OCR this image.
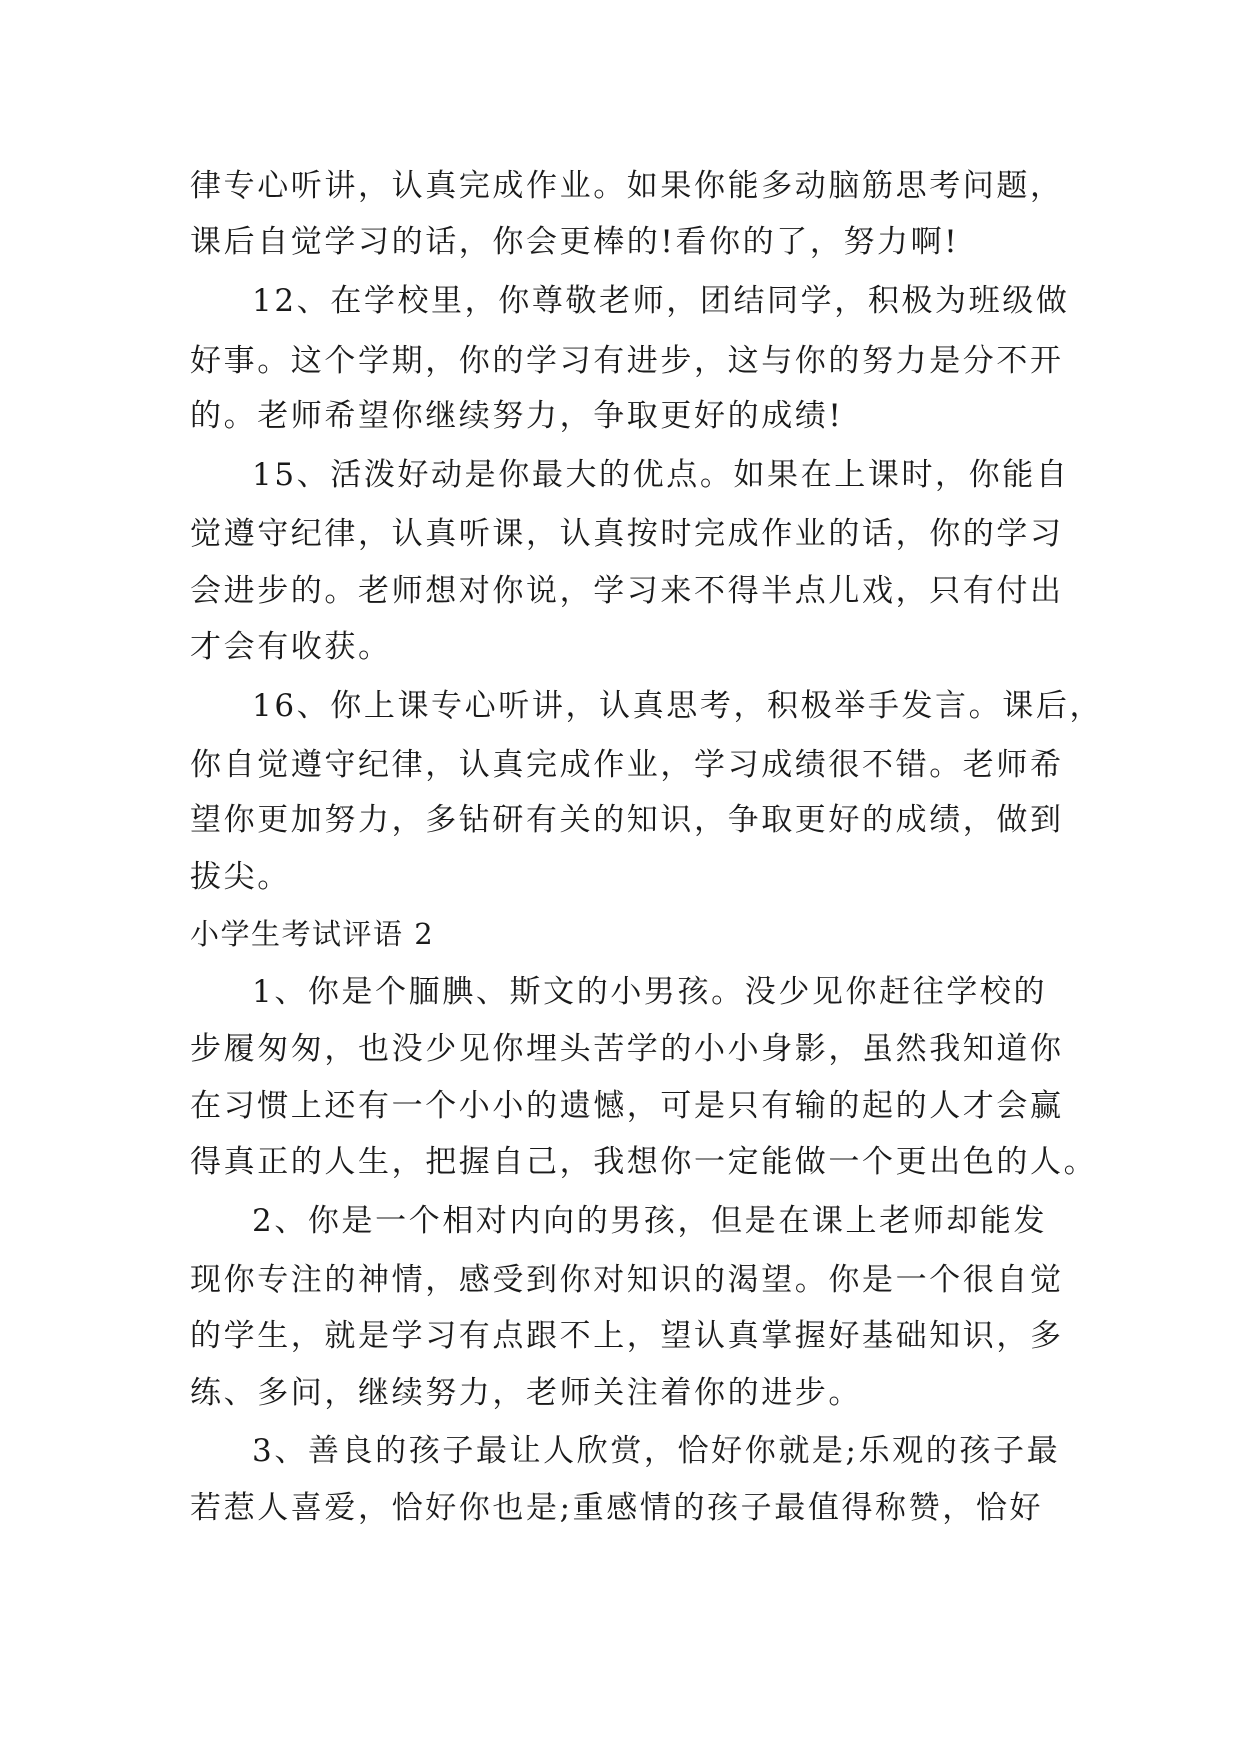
律专心听讲，认真完成作业。如果你能多动脑筋思考问题，
课后自觉学习的话，你会更棒的!看你的了，努力啊!
12、在学校里，你尊敬老师，团结同学，积极为班级做
好事。这个学期，你的学习有进步，这与你的努力是分不开
的。老师希望你继续努力，争取更好的成绩!
15、活泼好动是你最大的优点。如果在上课时，你能自
觉遵守纪律，认真听课，认真按时完成作业的话，你的学习
会进步的。老师想对你说，学习来不得半点儿戏，只有付出
才会有收获。
16、你上课专心听讲，认真思考，积极举手发言。课后，
你自觉遵守纪律，认真完成作业，学习成绩很不错。老师希
望你更加努力，多钻研有关的知识，争取更好的成绩，做到
拔尖。
小学生考试评语 2
1、你是个腼腆、斯文的小男孩。没少见你赶往学校的
步履匆匆，也没少见你埋头苦学的小小身影，虽然我知道你
在习惯上还有一个小小的遗憾，可是只有输的起的人才会赢
得真正的人生，把握自己，我想你一定能做一个更出色的人。
2、你是一个相对内向的男孩，但是在课上老师却能发
现你专注的神情，感受到你对知识的渴望。你是一个很自觉
的学生，就是学习有点跟不上，望认真掌握好基础知识，多
练、多问，继续努力，老师关注着你的进步。
3、善良的孩子最让人欣赏，恰好你就是;乐观的孩子最
若惹人喜爱，恰好你也是;重感情的孩子最值得称赞，恰好
